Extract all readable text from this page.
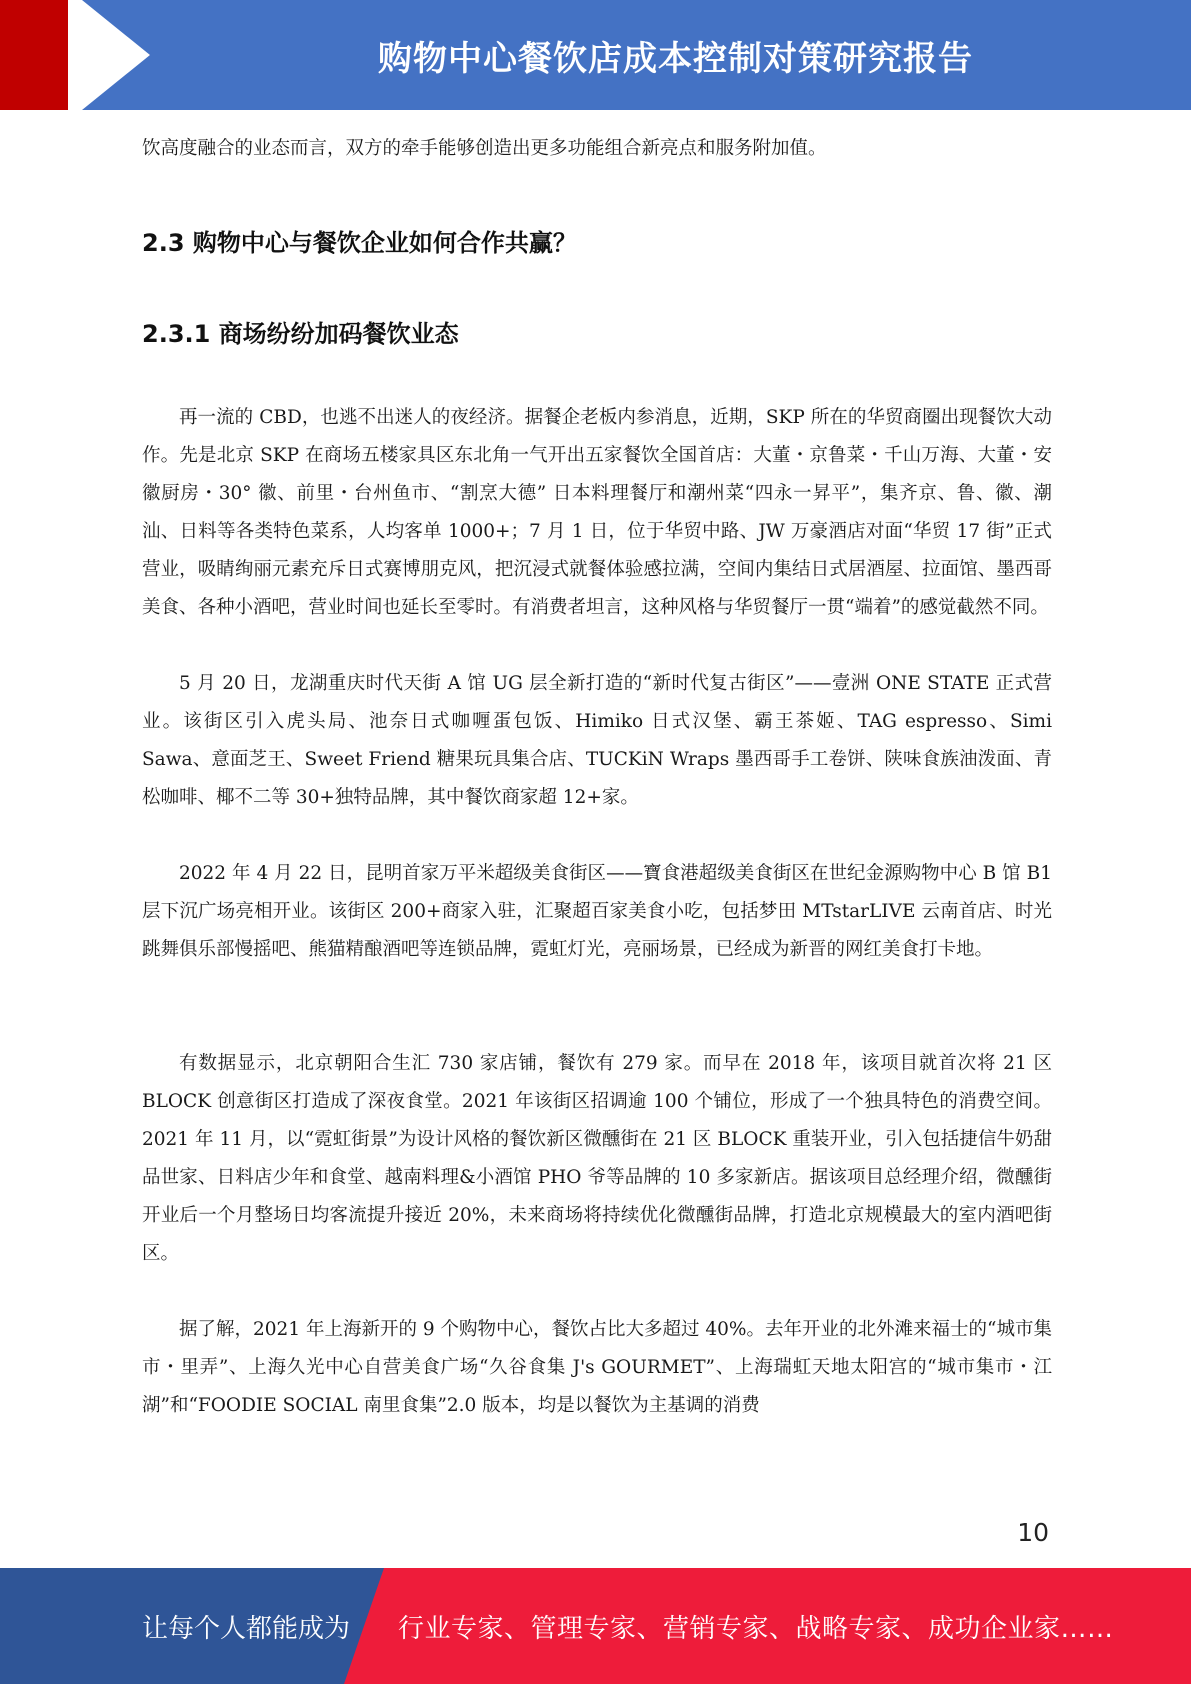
购物中心餐饮店成本控制对策研究报告

饮高度融合的业态而言，双方的牵手能够创造出更多功能组合新亮点和服务附加值。

2.3 购物中心与餐饮企业如何合作共赢？
2.3.1 商场纷纷加码餐饮业态

再一流的 CBD，也逃不出迷人的夜经济。据餐企老板内参消息，近期，SKP 所在的华贸商圈出现餐饮大动作。先是北京 SKP 在商场五楼家具区东北角一气开出五家餐饮全国首店：大董・京鲁菜・千山万海、大董・安徽厨房・30° 徽、前里・台州鱼市、“割烹大德” 日本料理餐厅和潮州菜“四永一昇平”，集齐京、鲁、徽、潮汕、日料等各类特色菜系，人均客单 1000+；7 月 1 日，位于华贸中路、JW 万豪酒店对面“华贸 17 街”正式营业，吸睛绚丽元素充斥日式赛博朋克风，把沉浸式就餐体验感拉满，空间内集结日式居酒屋、拉面馆、墨西哥美食、各种小酒吧，营业时间也延长至零时。有消费者坦言，这种风格与华贸餐厅一贯“端着”的感觉截然不同。

5 月 20 日，龙湖重庆时代天街 A 馆 UG 层全新打造的“新时代复古街区”——壹洲 ONE STATE 正式营业。该街区引入虎头局、池奈日式咖喱蛋包饭、Himiko 日式汉堡、霸王茶姬、TAG espresso、Simi Sawa、意面芝王、Sweet Friend 糖果玩具集合店、TUCKiN Wraps 墨西哥手工卷饼、陕味食族油泼面、青松咖啡、椰不二等 30+独特品牌，其中餐饮商家超 12+家。

2022 年 4 月 22 日，昆明首家万平米超级美食街区——寶食港超级美食街区在世纪金源购物中心 B 馆 B1 层下沉广场亮相开业。该街区 200+商家入驻，汇聚超百家美食小吃，包括梦田 MTstarLIVE 云南首店、时光跳舞俱乐部慢摇吧、熊猫精酿酒吧等连锁品牌，霓虹灯光，亮丽场景，已经成为新晋的网红美食打卡地。

有数据显示，北京朝阳合生汇 730 家店铺，餐饮有 279 家。而早在 2018 年，该项目就首次将 21 区 BLOCK 创意街区打造成了深夜食堂。2021 年该街区招调逾 100 个铺位，形成了一个独具特色的消费空间。2021 年 11 月，以“霓虹街景”为设计风格的餐饮新区微醺街在 21 区 BLOCK 重装开业，引入包括捷信牛奶甜品世家、日料店少年和食堂、越南料理&小酒馆 PHO 爷等品牌的 10 多家新店。据该项目总经理介绍，微醺街开业后一个月整场日均客流提升接近 20%，未来商场将持续优化微醺街品牌，打造北京规模最大的室内酒吧街区。

据了解，2021 年上海新开的 9 个购物中心，餐饮占比大多超过 40%。去年开业的北外滩来福士的“城市集市・里弄”、上海久光中心自营美食广场“久谷食集 J's GOURMET”、上海瑞虹天地太阳宫的“城市集市・江湖”和“FOODIE SOCIAL 南里食集”2.0 版本，均是以餐饮为主基调的消费

10
让每个人都能成为 行业专家、管理专家、营销专家、战略专家、成功企业家……
